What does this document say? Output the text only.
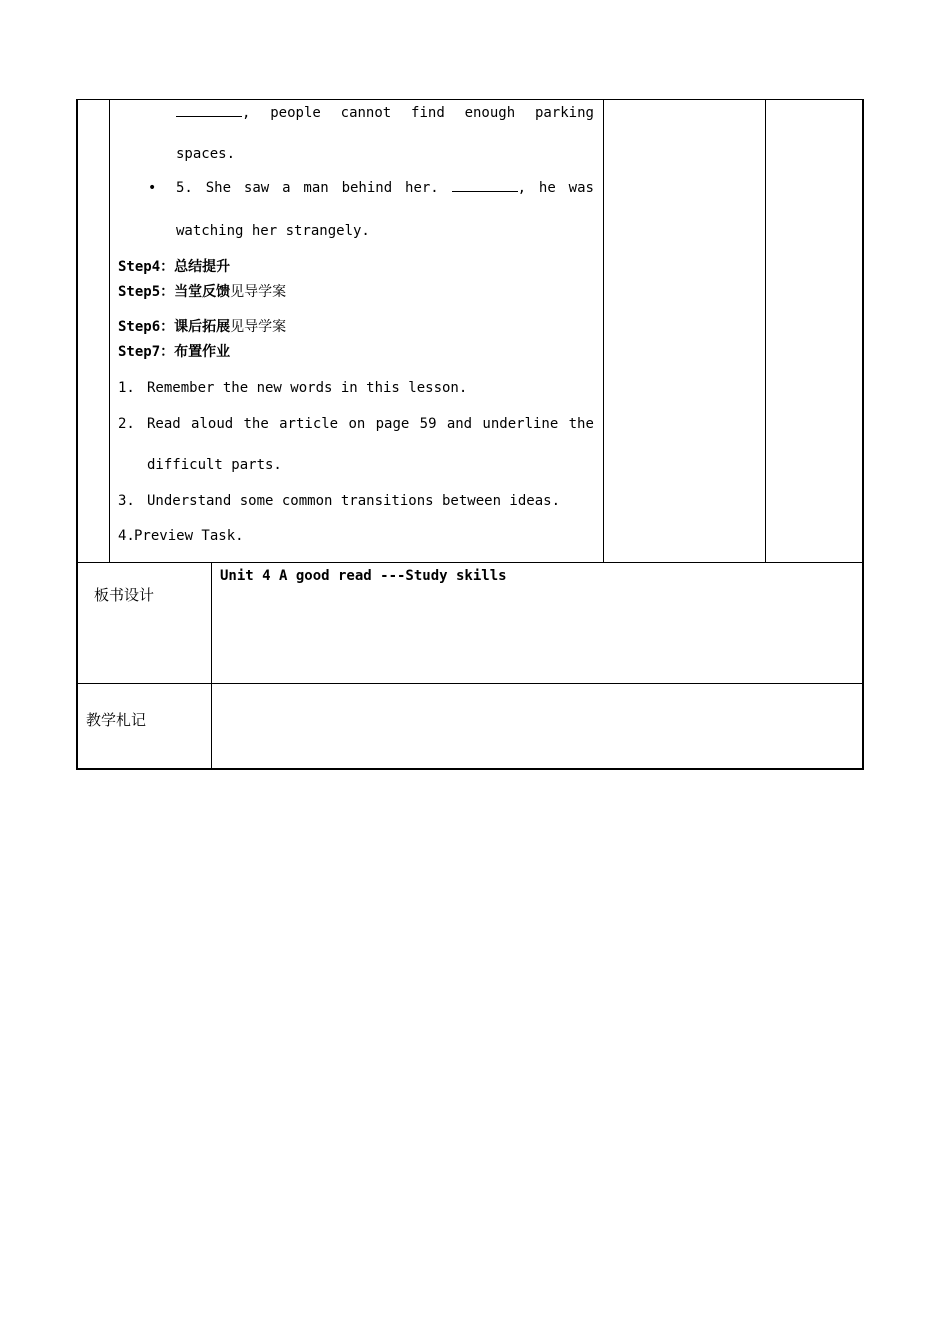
, people cannot find enough parking
spaces.
• 5. She saw a man behind her.	, he was
watching her strangely.
Step4：总结提升
Step5：当堂反馈见导学案
Step6：课后拓展见导学案
Step7：布置作业
1. Remember the new words in this lesson.
2. Read aloud the article on page 59 and underline the
difficult parts.
3. Understand some common transitions between ideas.
4. Preview Task.
板书设计
Unit 4 A good read ---Study skills
教学札记
